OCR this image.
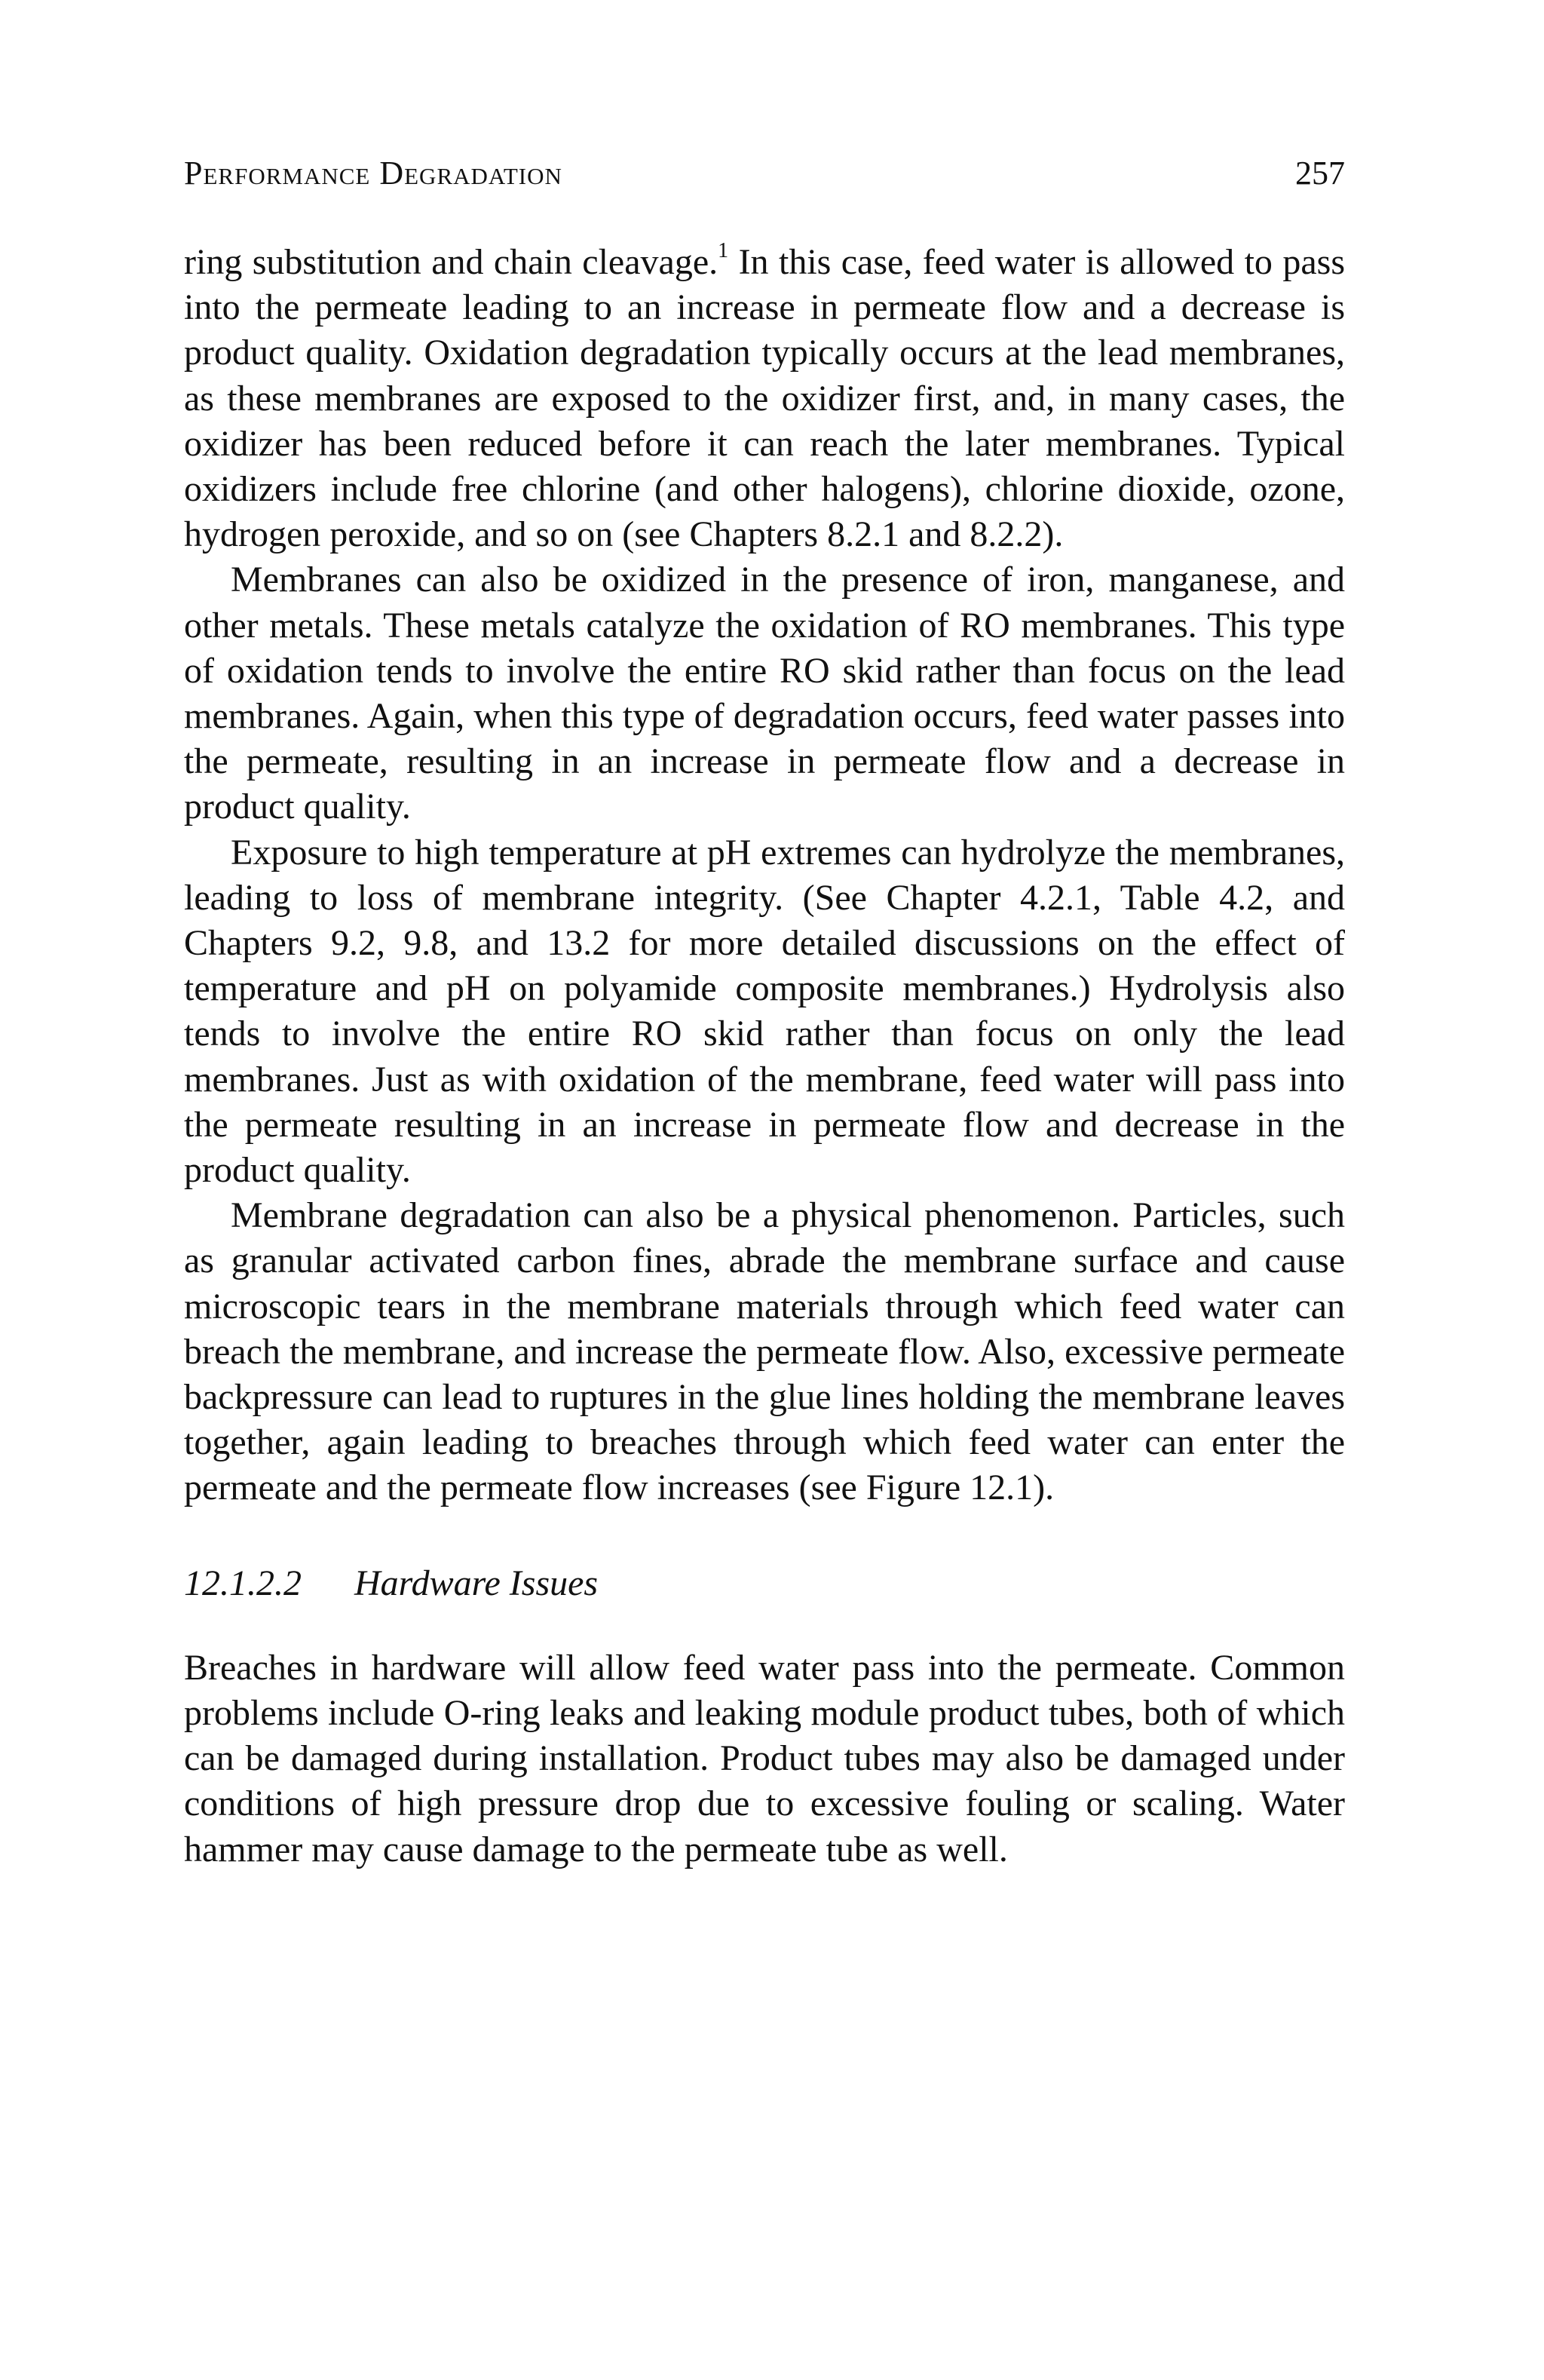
Performance Degradation	257

ring substitution and chain cleavage.$^1$ In this case, feed water is allowed to pass into the permeate leading to an increase in permeate flow and a decrease is product quality. Oxidation degradation typically occurs at the lead membranes, as these membranes are exposed to the oxidizer first, and, in many cases, the oxidizer has been reduced before it can reach the later membranes. Typical oxidizers include free chlorine (and other halogens), chlorine dioxide, ozone, hydrogen peroxide, and so on (see Chapters 8.2.1 and 8.2.2).

Membranes can also be oxidized in the presence of iron, manganese, and other metals. These metals catalyze the oxidation of RO membranes. This type of oxidation tends to involve the entire RO skid rather than focus on the lead membranes. Again, when this type of degradation occurs, feed water passes into the permeate, resulting in an increase in permeate flow and a decrease in product quality.

Exposure to high temperature at pH extremes can hydrolyze the membranes, leading to loss of membrane integrity. (See Chapter 4.2.1, Table 4.2, and Chapters 9.2, 9.8, and 13.2 for more detailed discussions on the effect of temperature and pH on polyamide composite membranes.) Hydrolysis also tends to involve the entire RO skid rather than focus on only the lead membranes. Just as with oxidation of the membrane, feed water will pass into the permeate resulting in an increase in permeate flow and decrease in the product quality.

Membrane degradation can also be a physical phenomenon. Particles, such as granular activated carbon fines, abrade the membrane surface and cause microscopic tears in the membrane materials through which feed water can breach the membrane, and increase the permeate flow. Also, excessive permeate backpressure can lead to ruptures in the glue lines holding the membrane leaves together, again leading to breaches through which feed water can enter the permeate and the permeate flow increases (see Figure 12.1).

12.1.2.2 Hardware Issues

Breaches in hardware will allow feed water pass into the permeate. Common problems include O-ring leaks and leaking module product tubes, both of which can be damaged during installation. Product tubes may also be damaged under conditions of high pressure drop due to excessive fouling or scaling. Water hammer may cause damage to the permeate tube as well.
